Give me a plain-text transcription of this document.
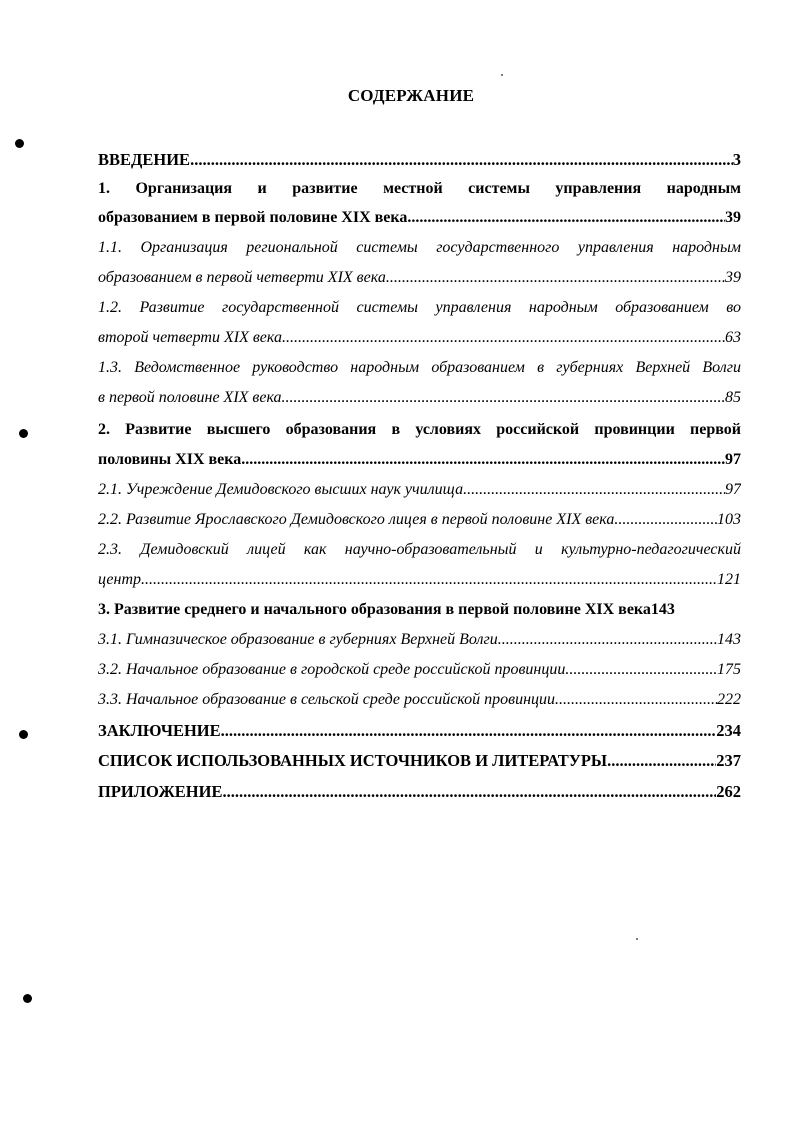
СОДЕРЖАНИЕ
ВВЕДЕНИЕ .....	3
1. Организация и развитие местной системы управления народным
образованием в первой половине XIX века .....	39
1.1. Организация региональной системы государственного управления народным
образованием в первой четверти XIX века .....	39
1.2. Развитие государственной системы управления народным образованием во
второй четверти XIX века .....	63
1.3. Ведомственное руководство народным образованием в губерниях Верхней Волги
в первой половине XIX века .....	85
2. Развитие высшего образования в условиях российской провинции первой
половины XIX века .....	97
2.1. Учреждение Демидовского высших наук училища .....	97
2.2. Развитие Ярославского Демидовского лицея в первой половине XIX века .....	103
2.3. Демидовский лицей как научно-образовательный и культурно-педагогический
центр .....	121
3. Развитие среднего и начального образования в первой половине XIX века143
3.1. Гимназическое образование в губерниях Верхней Волги .....	143
3.2. Начальное образование в городской среде российской провинции .....	175
3.3. Начальное образование в сельской среде российской провинции .....	222
ЗАКЛЮЧЕНИЕ .....	234
СПИСОК ИСПОЛЬЗОВАННЫХ ИСТОЧНИКОВ И ЛИТЕРАТУРЫ .....	237
ПРИЛОЖЕНИЕ .....	262
